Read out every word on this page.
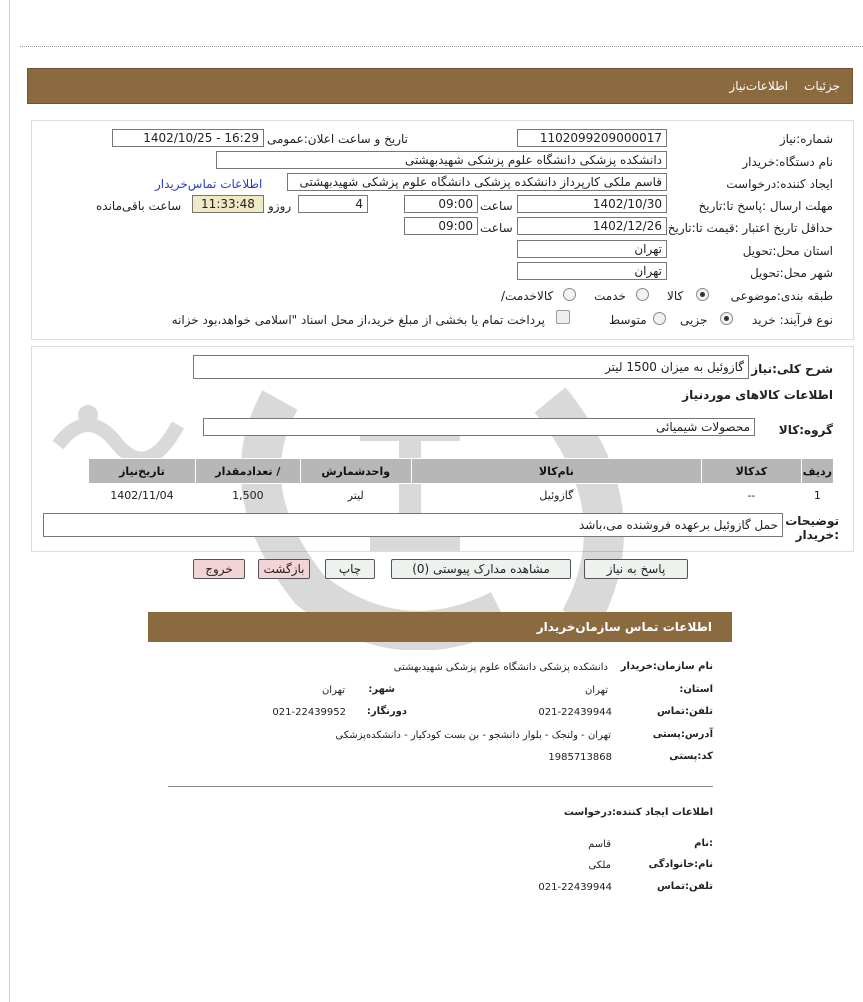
جزئیات
اطلاعات‌نیاز
شماره:نیاز
1102099209000017
تاریخ و ساعت اعلان:عمومی
1402/10/25 - 16:29
نام دستگاه:خریدار
دانشکده پزشکی دانشگاه علوم پزشکی شهیدبهشتی
ایجاد کننده:درخواست
قاسم ملکی کارپرداز دانشکده پزشکی دانشگاه علوم پزشکی شهیدبهشتی
اطلاعات تماس‌خریدار
مهلت ارسال :پاسخ تا:تاریخ
1402/10/30
ساعت
09:00
4
روزو
11:33:48
ساعت باقی‌مانده
حداقل تاریخ اعتبار :قیمت تا:تاریخ
1402/12/26
ساعت
09:00
استان محل:تحویل
تهران
شهر محل:تحویل
تهران
طبقه بندی:موضوعی
کالا
خدمت
/کالاخدمت
نوع فرآیند: خرید
جزیی
متوسط
پرداخت تمام یا بخشی از مبلغ خرید،از محل اسناد "اسلامی خواهد،بود خزانه
شرح کلی:نیاز
گازوئیل به میزان 1500 لیتر
اطلاعات کالاهای موردنیاز
گروه:کالا
محصولات شیمیائی
ردیف	کدکالا	نام‌کالا	واحدشمارش	/ تعدادمقدار	تاریخ‌نیاز
1	--	گازوئیل	لیتر	1,500	1402/11/04
توضیحات :خریدار
حمل گازوئیل برعهده فروشنده می،باشد
پاسخ به نیاز
مشاهده مدارک پیوستی (0)
چاپ
بازگشت
خروج
اطلاعات تماس سازمان‌خریدار
نام سازمان:خریدار
دانشکده پزشکی دانشگاه علوم پزشکی شهیدبهشتی
:استان
تهران
:شهر
تهران
تلفن:تماس
021-22439944
:دورنگار
021-22439952
آدرس:پستی
تهران - ولنجک - بلوار دانشجو - بن بست کودکیار - دانشکده‌پزشکی
کد:پستی
1985713868
اطلاعات ایجاد کننده:درخواست
نام:
قاسم
نام:خانوادگی
ملکی
تلفن:تماس
021-22439944
